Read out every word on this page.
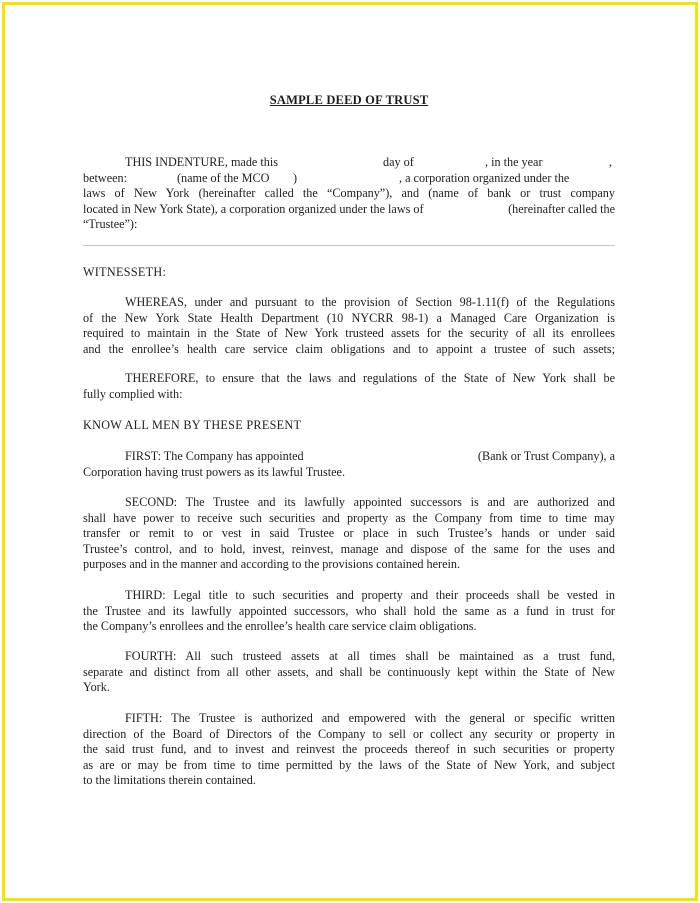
SAMPLE DEED OF TRUST
THIS INDENTURE, made this	day of	, in the year	,
between:	(name of the MCO )	, a corporation organized under the
laws of New York (hereinafter called the “Company”), and (name of bank or trust company
located in New York State), a corporation organized under the laws of	(hereinafter called the
“Trustee”):
WITNESSETH:
WHEREAS, under and pursuant to the provision of Section 98-1.11(f) of the Regulations
of the New York State Health Department (10 NYCRR 98-1) a Managed Care Organization is
required to maintain in the State of New York trusteed assets for the security of all its enrollees
and the enrollee’s health care service claim obligations and to appoint a trustee of such assets;
THEREFORE, to ensure that the laws and regulations of the State of New York shall be
fully complied with:
KNOW ALL MEN BY THESE PRESENT
FIRST: The Company has appointed	(Bank or Trust Company), a
Corporation having trust powers as its lawful Trustee.
SECOND: The Trustee and its lawfully appointed successors is and are authorized and
shall have power to receive such securities and property as the Company from time to time may
transfer or remit to or vest in said Trustee or place in such Trustee’s hands or under said
Trustee’s control, and to hold, invest, reinvest, manage and dispose of the same for the uses and
purposes and in the manner and according to the provisions contained herein.
THIRD: Legal title to such securities and property and their proceeds shall be vested in
the Trustee and its lawfully appointed successors, who shall hold the same as a fund in trust for
the Company’s enrollees and the enrollee’s health care service claim obligations.
FOURTH: All such trusteed assets at all times shall be maintained as a trust fund,
separate and distinct from all other assets, and shall be continuously kept within the State of New
York.
FIFTH: The Trustee is authorized and empowered with the general or specific written
direction of the Board of Directors of the Company to sell or collect any security or property in
the said trust fund, and to invest and reinvest the proceeds thereof in such securities or property
as are or may be from time to time permitted by the laws of the State of New York, and subject
to the limitations therein contained.
